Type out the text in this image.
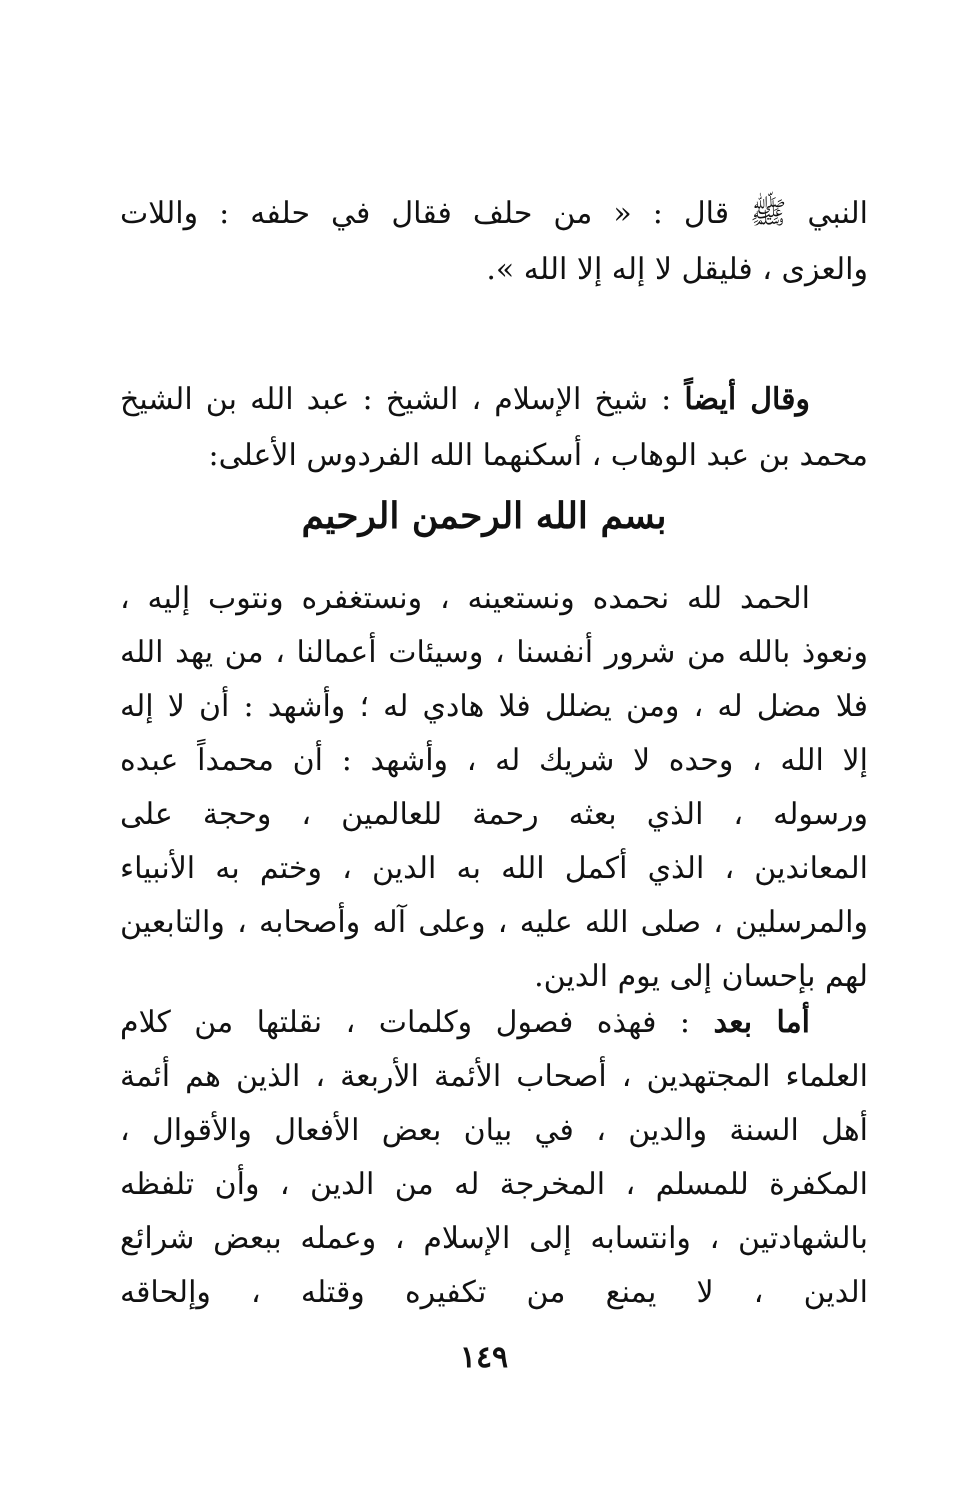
النبي ﷺ قال : « من حلف فقال في حلفه : واللات
والعزى ، فليقل لا إله إلا الله ».
وقال أيضاً : شيخ الإسلام ، الشيخ : عبد الله بن الشيخ
محمد بن عبد الوهاب ، أسكنهما الله الفردوس الأعلى:
بسم الله الرحمن الرحيم
الحمد لله نحمده ونستعينه ، ونستغفره ونتوب إليه ،
ونعوذ بالله من شرور أنفسنا ، وسيئات أعمالنا ، من يهد الله
فلا مضل له ، ومن يضلل فلا هادي له ؛ وأشهد : أن لا إله
إلا الله ، وحده لا شريك له ، وأشهد : أن محمداً عبده
ورسوله ، الذي بعثه رحمة للعالمين ، وحجة على
المعاندين ، الذي أكمل الله به الدين ، وختم به الأنبياء
والمرسلين ، صلى الله عليه ، وعلى آله وأصحابه ، والتابعين
لهم بإحسان إلى يوم الدين.
أما بعد : فهذه فصول وكلمات ، نقلتها من كلام
العلماء المجتهدين ، أصحاب الأئمة الأربعة ، الذين هم أئمة
أهل السنة والدين ، في بيان بعض الأفعال والأقوال ،
المكفرة للمسلم ، المخرجة له من الدين ، وأن تلفظه
بالشهادتين ، وانتسابه إلى الإسلام ، وعمله ببعض شرائع
الدين ، لا يمنع من تكفيره وقتله ، وإلحاقه
١٤٩
